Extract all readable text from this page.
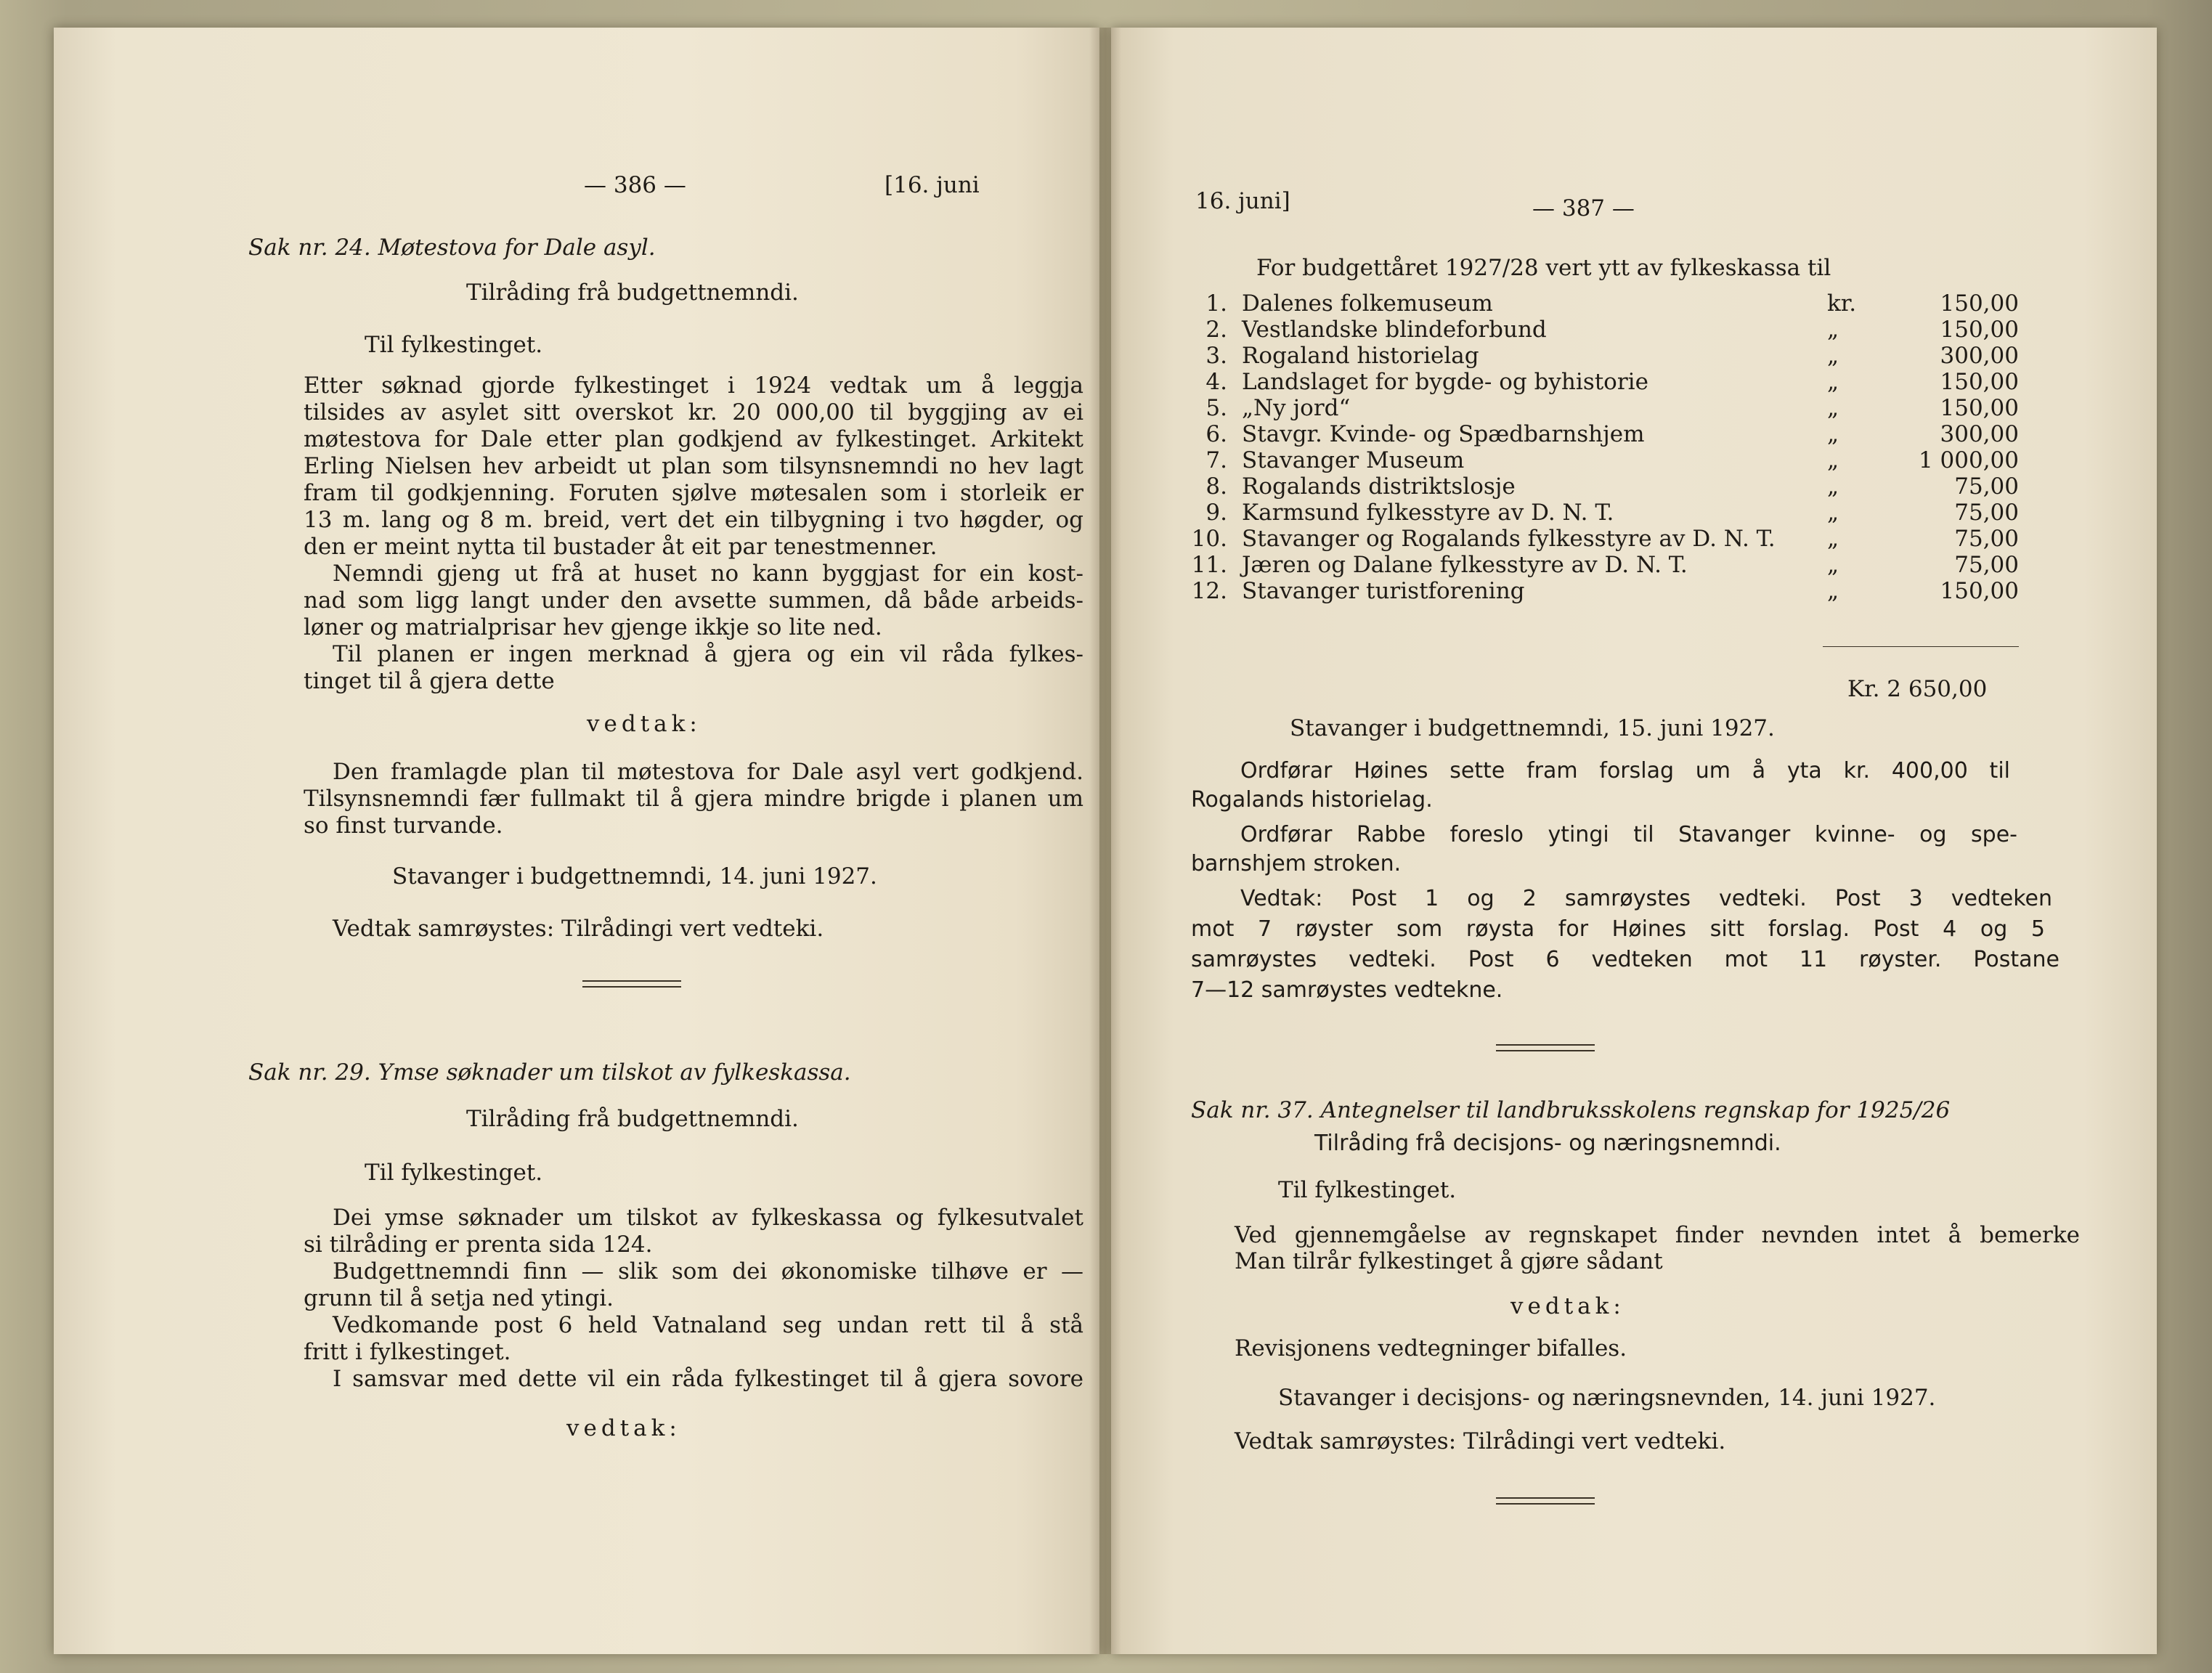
— 386 —	[16. juni
Sak nr. 24. Møtestova for Dale asyl.
Tilråding frå budgettnemndi.
Til fylkestinget.
Etter søknad gjorde fylkestinget i 1924 vedtak um å leggja
tilsides av asylet sitt overskot kr. 20 000,00 til byggjing av ei
møtestova for Dale etter plan godkjend av fylkestinget. Arkitekt
Erling Nielsen hev arbeidt ut plan som tilsynsnemndi no hev lagt
fram til godkjenning. Foruten sjølve møtesalen som i storleik er
13 m. lang og 8 m. breid, vert det ein tilbygning i tvo høgder, og
den er meint nytta til bustader åt eit par tenestmenner.
Nemndi gjeng ut frå at huset no kann byggjast for ein kost-
nad som ligg langt under den avsette summen, då både arbeids-
løner og matrialprisar hev gjenge ikkje so lite ned.
Til planen er ingen merknad å gjera og ein vil råda fylkes-
tinget til å gjera dette
vedtak:
Den framlagde plan til møtestova for Dale asyl vert godkjend.
Tilsynsnemndi fær fullmakt til å gjera mindre brigde i planen um
so finst turvande.
Stavanger i budgettnemndi, 14. juni 1927.
Vedtak samrøystes: Tilrådingi vert vedteki.
Sak nr. 29. Ymse søknader um tilskot av fylkeskassa.
Tilråding frå budgettnemndi.
Til fylkestinget.
Dei ymse søknader um tilskot av fylkeskassa og fylkesutvalet
si tilråding er prenta sida 124.
Budgettnemndi finn — slik som dei økonomiske tilhøve er —
grunn til å setja ned ytingi.
Vedkomande post 6 held Vatnaland seg undan rett til å stå
fritt i fylkestinget.
I samsvar med dette vil ein råda fylkestinget til å gjera sovore
vedtak:
16. juni]	— 387 —
For budgettåret 1927/28 vert ytt av fylkeskassa til
1. Dalenes folkemuseum	kr.	150,00
2. Vestlandske blindeforbund	„	150,00
3. Rogaland historielag	„	300,00
4. Landslaget for bygde- og byhistorie	„	150,00
5. „Ny jord“	„	150,00
6. Stavgr. Kvinde- og Spædbarnshjem	„	300,00
7. Stavanger Museum	„	1 000,00
8. Rogalands distriktslosje	„	75,00
9. Karmsund fylkesstyre av D. N. T.	„	75,00
10. Stavanger og Rogalands fylkesstyre av D. N. T. „	75,00
11. Jæren og Dalane fylkesstyre av D. N. T.	„	75,00
12. Stavanger turistforening	„	150,00
Kr. 2 650,00
Stavanger i budgettnemndi, 15. juni 1927.
Ordførar Høines sette fram forslag um å yta kr. 400,00 til
Rogalands historielag.
Ordførar Rabbe foreslo ytingi til Stavanger kvinne- og spe-
barnshjem stroken.
Vedtak: Post 1 og 2 samrøystes vedteki. Post 3 vedteken
mot 7 røyster som røysta for Høines sitt forslag. Post 4 og 5
samrøystes vedteki. Post 6 vedteken mot 11 røyster. Postane
7—12 samrøystes vedtekne.
Sak nr. 37. Antegnelser til landbruksskolens regnskap for 1925/26
Tilråding frå decisjons- og næringsnemndi.
Til fylkestinget.
Ved gjennemgåelse av regnskapet finder nevnden intet å bemerke
Man tilrår fylkestinget å gjøre sådant
vedtak:
Revisjonens vedtegninger bifalles.
Stavanger i decisjons- og næringsnevnden, 14. juni 1927.
Vedtak samrøystes: Tilrådingi vert vedteki.
